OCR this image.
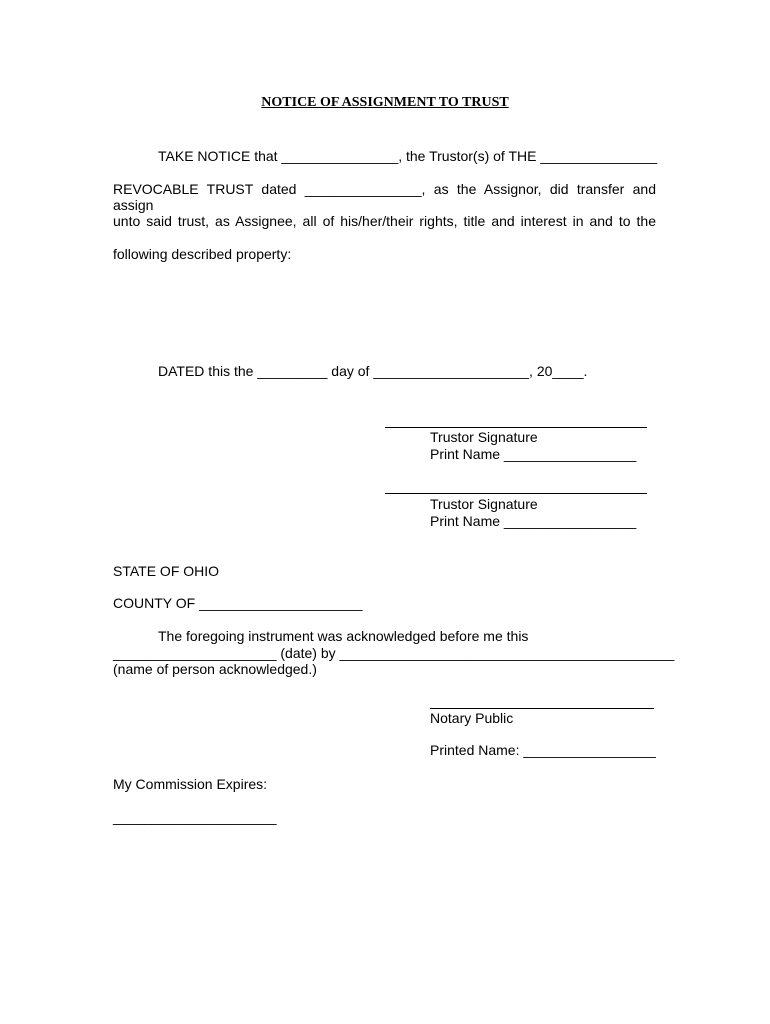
NOTICE OF ASSIGNMENT TO TRUST
TAKE NOTICE that _______________, the Trustor(s) of THE _______________
REVOCABLE TRUST dated _______________, as the Assignor, did transfer and assign
unto said trust, as Assignee, all of his/her/their rights, title and interest in and to the
following described property:
DATED this the _________ day of ____________________, 20____.
Trustor Signature
Print Name _________________
Trustor Signature
Print Name _________________
STATE OF OHIO
COUNTY OF _____________________
The foregoing instrument was acknowledged before me this
_____________________ (date) by ___________________________________________
(name of person acknowledged.)
Notary Public
Printed Name: _________________
My Commission Expires:
_____________________
